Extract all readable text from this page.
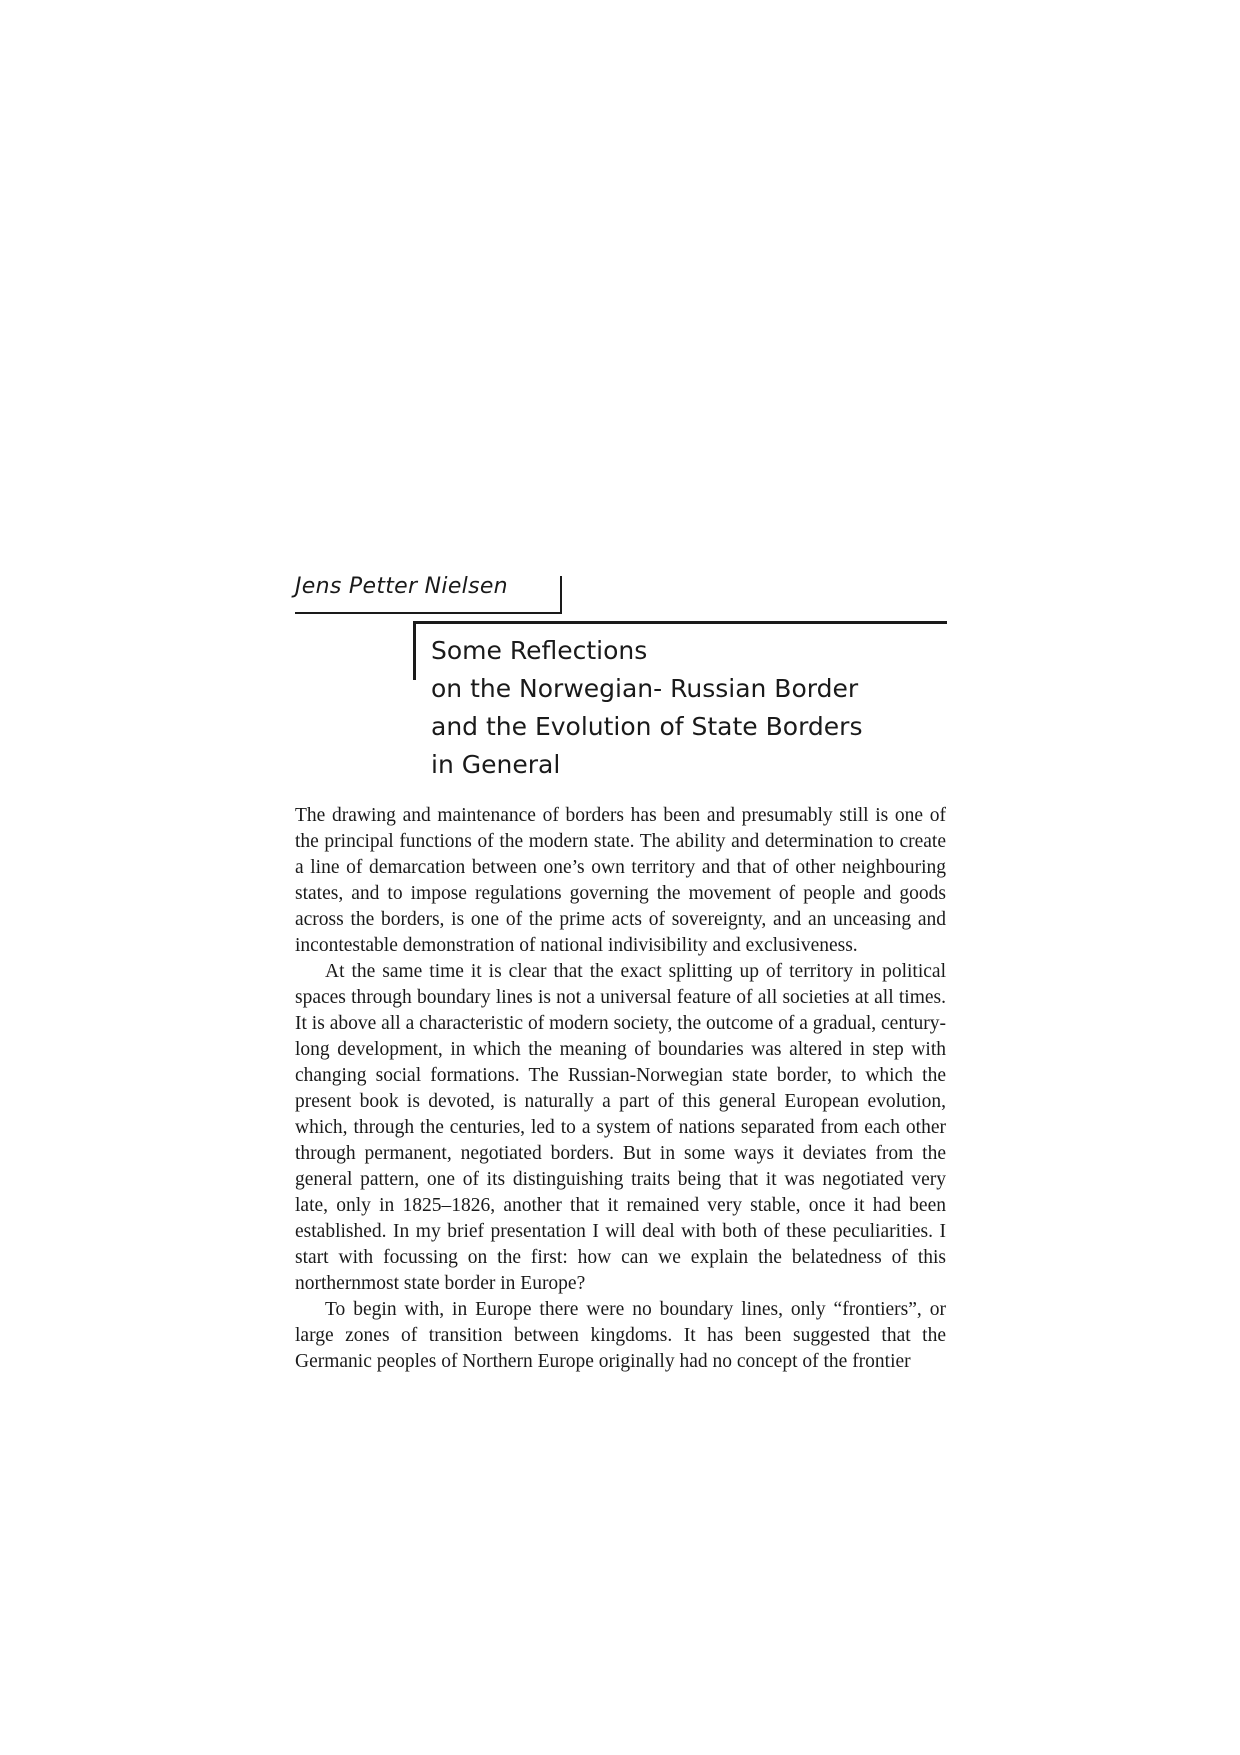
Jens Petter Nielsen
Some Reflections
on the Norwegian- Russian Border
and the Evolution of State Borders
in General

The drawing and maintenance of borders has been and presumably still is one of the principal functions of the modern state. The ability and determination to create a line of demarcation between one’s own territory and that of other neighbouring states, and to impose regulations governing the movement of people and goods across the borders, is one of the prime acts of sovereignty, and an unceasing and incontestable demonstration of national indivisibility and exclusiveness.

At the same time it is clear that the exact splitting up of territory in political spaces through boundary lines is not a universal feature of all societies at all times. It is above all a characteristic of modern society, the outcome of a gradual, century-long development, in which the meaning of boundaries was altered in step with changing social formations. The Russian-Norwegian state border, to which the present book is devoted, is naturally a part of this general European evolution, which, through the centuries, led to a system of nations separated from each other through permanent, negotiated borders. But in some ways it deviates from the general pattern, one of its distinguishing traits being that it was negotiated very late, only in 1825–1826, another that it remained very stable, once it had been established. In my brief presentation I will deal with both of these peculiarities. I start with focussing on the first: how can we explain the belatedness of this northernmost state border in Europe?

To begin with, in Europe there were no boundary lines, only “frontiers”, or large zones of transition between kingdoms. It has been suggested that the Germanic peoples of Northern Europe originally had no concept of the frontier
